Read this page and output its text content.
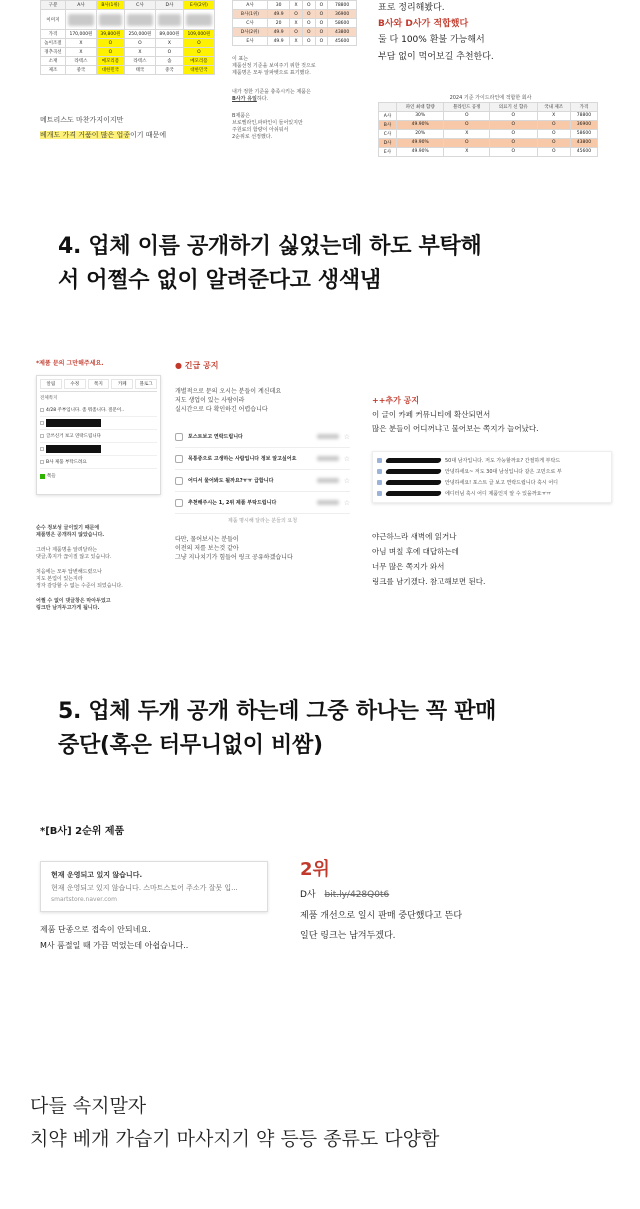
구분	A사	B사(1위)	C사	D사	E사(2위)
이미지	

가격	170,000원	39,800원	250,000원	89,000원	109,000원
높이조절	X	O	O	X	O
경추곡선	X	O	X	O	O
소재	라텍스	메모리폼	라텍스	솜	메모리폼
제조	중국	대한민국	태국	중국	대한민국
메트리스도 마찬가지이지만
베개도 가격 거품이 많은 업종이기 때문에
A사	30	X	O	O	78800
B사(1위)	49.9	O	O	O	36900
C사	20	X	O	O	58600
D사(2위)	49.9	O	O	O	43800
E사	49.9	X	O	O	45600
이 표는
제품선정 기준을 보여주기 위한 것으로
제품명은 모두 알파벳으로 표기했다.
내가 정한 기준을 충족시키는 제품은
B사가 유일하다.
B제품은
브로멜라인,파파인이 들어있지만
주원료의 함량이 아쉬워서
2순위로 선정했다.
표로 정리해봤다.
B사와 D사가 적합했다
둘 다 100% 환불 가능해서
부담 없이 먹어보길 추천한다.
2024 기준 가이드라인에 적합한 회사
	파인 최대 함량	블라인드 공정	의료기 신 함유	국내 제조	가격
A사	30%	O	O	X	78800
B사	49.90%	O	O	O	36900
C사	20%	X	O	O	58600
D사	49.90%	O	O	O	43800
E사	49.90%	X	O	O	45600
4. 업체 이름 공개하기 싫었는데 하도 부탁해
서 어쩔수 없이 알려준다고 생색냄
*제품 문의 그만해주세요.
알림	수정	쪽지	카페	블로그
전체쪽지
4/28 주부입니다. 좀 뭐좀니다. 질문이..
글쓰신거 보고 연락드립니다
B사 제품 부탁드려요
쪽들
순수 정보성 글이었기 때문에
제품명은 공개하지 않았습니다.
그러나 제품명을 알려달라는
댓글,쪽지가 끊이질 않고 있습니다.
처음에는 모두 답변해드렸으나
지도 본업이 있는지라
정자 감당할 수 없는 수준이 되었습니다.
어쩔 수 없이 댓글창은 막아두었고
링크만 남겨두고가게 됩니다.
● 긴급 공지
개별적으로 문의 오시는 분들이 계신데요
저도 생업이 있는 사람이라
실시간으로 다 확인하긴 어렵습니다
포스트보고 연락드립니다	☆
목통증으로 고생하는 사람입니다 정보 알고싶어요	☆
어디서 물어봐도 될까요?ㅠㅠ 급합니다	☆
추천해주시는 1, 2위 제품 부탁드립니다	☆
제품 명시해 달라는 분들의 요청
다만, 물어보시는 분들이
이전의 저를 보는것 같아
그냥 지나치기가 힘들어 링크 공유하겠습니다
++추가 공지
이 글이 카페 커뮤니티에 확산되면서
많은 분들이 어디꺼냐고 물어보는 쪽지가 늘어났다.
50대 남자입니다. 저도 가능할까요? 간절하게 부탁드
안녕하세요~ 저도 30대 남성입니다 같은 고민으로 부
안녕하세요! 포스트 글 보고 연락드립니다 혹시 어디
에디터님 혹시 어디 제품인지 알 수 있을까요ㅠㅠ
야근하느라 새벽에 읽거나
아님 며칠 후에 대답하는데
너무 많은 쪽지가 와서
링크를 남기겠다. 참고해보면 된다.
5. 업체 두개 공개 하는데 그중 하나는 꼭 판매
중단(혹은 터무니없이 비쌈)
*[B사] 2순위 제품
현재 운영되고 있지 않습니다.
현재 운영되고 있지 않습니다. 스마트스토어 주소가 잘못 입...
smartstore.naver.com
제품 단종으로 접속이 안되네요.
M사 품절일 때 가끔 먹었는데 아쉽습니다..
2위
D사 bit.ly/428Q0t6
제품 개선으로 일시 판매 중단했다고 뜬다
일단 링크는 남겨두겠다.
다들 속지말자
치약 베개 가습기 마사지기 약 등등 종류도 다양함
